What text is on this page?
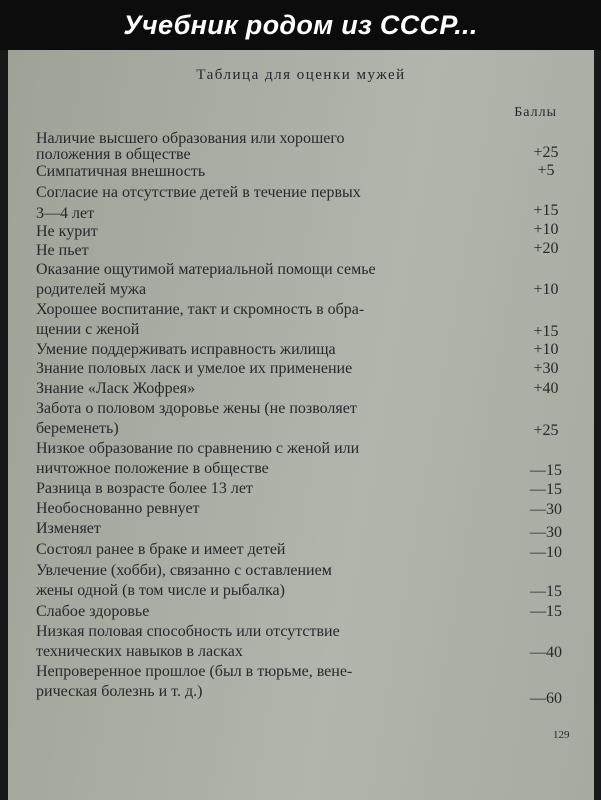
Учебник родом из СССР...
Таблица для оценки мужей
Баллы
Наличие высшего образования или хорошего
положения в обществе	+25
Симпатичная внешность	+5
Согласие на отсутствие детей в течение первых
3—4 лет	+15
Не курит	+10
Не пьет	+20
Оказание ощутимой материальной помощи семье
родителей мужа	+10
Хорошее воспитание, такт и скромность в обра-
щении с женой	+15
Умение поддерживать исправность жилища	+10
Знание половых ласк и умелое их применение	+30
Знание «Ласк Жофрея»	+40
Забота о половом здоровье жены (не позволяет
беременеть)	+25
Низкое образование по сравнению с женой или
ничтожное положение в обществе	—15
Разница в возрасте более 13 лет	—15
Необоснованно ревнует	—30
Изменяет	—30
Состоял ранее в браке и имеет детей	—10
Увлечение (хобби), связанно с оставлением
жены одной (в том числе и рыбалка)	—15
Слабое здоровье	—15
Низкая половая способность или отсутствие
технических навыков в ласках	—40
Непроверенное прошлое (был в тюрьме, вене-
рическая болезнь и т. д.)	—60
129
